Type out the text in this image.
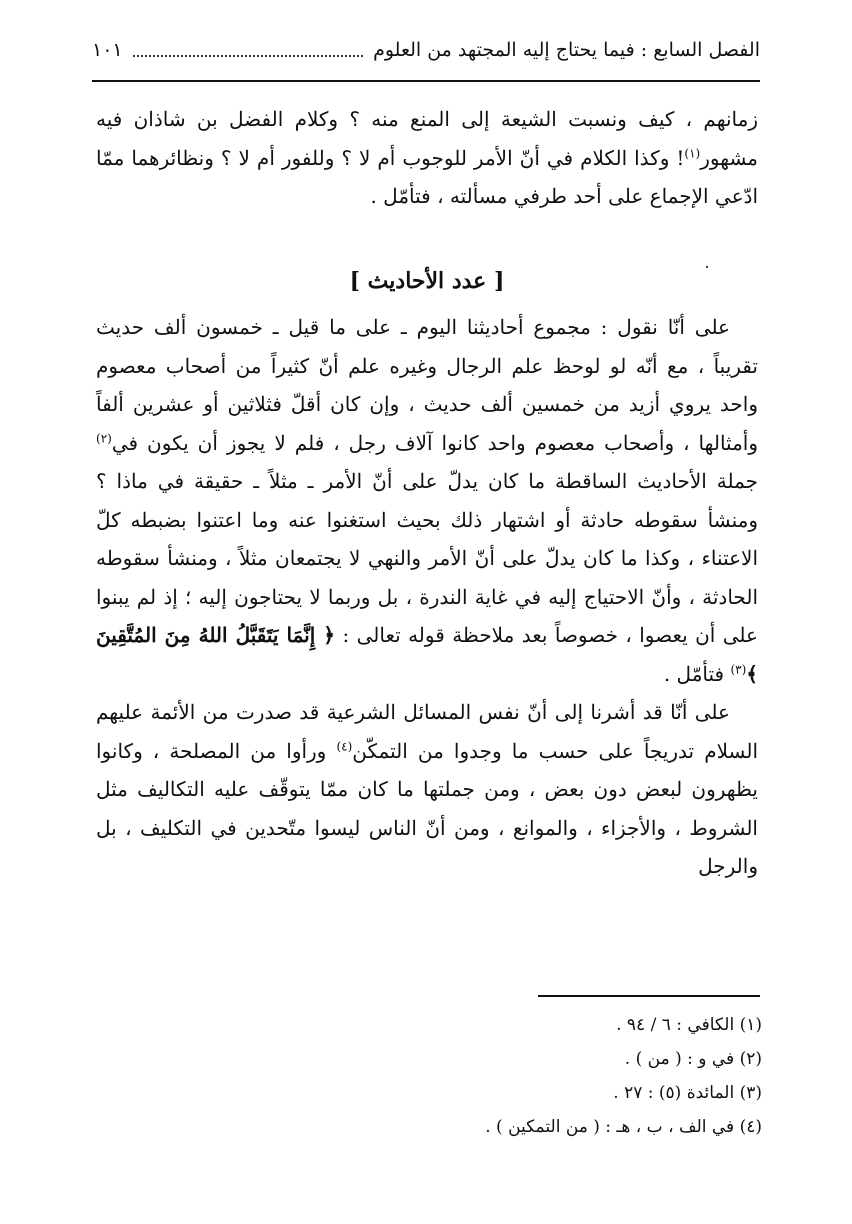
الفصل السابع : فيما يحتاج إليه المجتهد من العلوم
١٠١

زمانهم ، كيف ونسبت الشيعة إلى المنع منه ؟ وكلام الفضل بن شاذان فيه مشهور$^{(١)}$! وكذا الكلام في أنّ الأمر للوجوب أم لا ؟ وللفور أم لا ؟ ونظائرهما ممّا ادّعي الإجماع على أحد طرفي مسألته ، فتأمّل .

[ عدد الأحاديث ]

على أنّا نقول : مجموع أحاديثنا اليوم ـ على ما قيل ـ خمسون ألف حديث تقريباً ، مع أنّه لو لوحظ علم الرجال وغيره علم أنّ كثيراً من أصحاب معصوم واحد يروي أزيد من خمسين ألف حديث ، وإن كان أقلّ فثلاثين أو عشرين ألفاً وأمثالها ، وأصحاب معصوم واحد كانوا آلاف رجل ، فلم لا يجوز أن يكون في$^{(٢)}$ جملة الأحاديث الساقطة ما كان يدلّ على أنّ الأمر ـ مثلاً ـ حقيقة في ماذا ؟ ومنشأ سقوطه حادثة أو اشتهار ذلك بحيث استغنوا عنه وما اعتنوا بضبطه كلّ الاعتناء ، وكذا ما كان يدلّ على أنّ الأمر والنهي لا يجتمعان مثلاً ، ومنشأ سقوطه الحادثة ، وأنّ الاحتياج إليه في غاية الندرة ، بل وربما لا يحتاجون إليه ؛ إذ لم يبنوا على أن يعصوا ، خصوصاً بعد ملاحظة قوله تعالى : ﴿ إِنَّمَا يَتَقَبَّلُ اللهُ مِنَ المُتَّقِينَ ﴾$^{(٣)}$ فتأمّل .

على أنّا قد أشرنا إلى أنّ نفس المسائل الشرعية قد صدرت من الأئمة عليهم السلام تدريجاً على حسب ما وجدوا من التمكّن$^{(٤)}$ ورأوا من المصلحة ، وكانوا يظهرون لبعض دون بعض ، ومن جملتها ما كان ممّا يتوقّف عليه التكاليف مثل الشروط ، والأجزاء ، والموانع ، ومن أنّ الناس ليسوا متّحدين في التكليف ، بل والرجل

(١) الكافي : ٦ / ٩٤ .
(٢) في و : ( من ) .
(٣) المائدة (٥) : ٢٧ .
(٤) في الف ، ب ، هـ : ( من التمكين ) .
